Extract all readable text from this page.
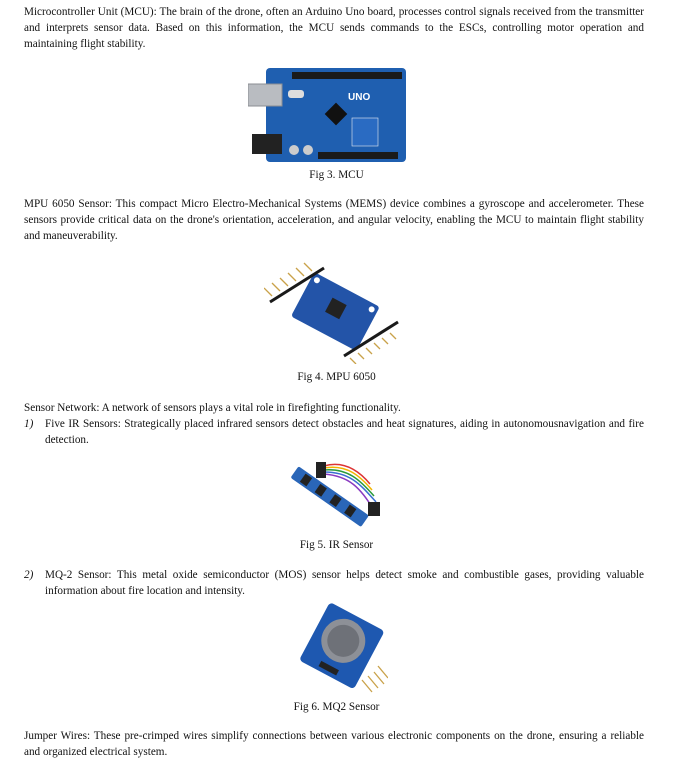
Microcontroller Unit (MCU): The brain of the drone, often an Arduino Uno board, processes control signals received from the transmitter and interprets sensor data. Based on this information, the MCU sends commands to the ESCs, controlling motor operation and maintaining flight stability.
UNO
Fig 3. MCU
MPU 6050 Sensor: This compact Micro Electro-Mechanical Systems (MEMS) device combines a gyroscope and accelerometer. These sensors provide critical data on the drone's orientation, acceleration, and angular velocity, enabling the MCU to maintain flight stability and maneuverability.
Fig 4. MPU 6050
Sensor Network: A network of sensors plays a vital role in firefighting functionality.
1) Five IR Sensors: Strategically placed infrared sensors detect obstacles and heat signatures, aiding in autonomousnavigation and fire detection.
Fig 5. IR Sensor
2) MQ-2 Sensor: This metal oxide semiconductor (MOS) sensor helps detect smoke and combustible gases, providing valuable information about fire location and intensity.
Fig 6. MQ2 Sensor
Jumper Wires: These pre-crimped wires simplify connections between various electronic components on the drone, ensuring a reliable and organized electrical system.
